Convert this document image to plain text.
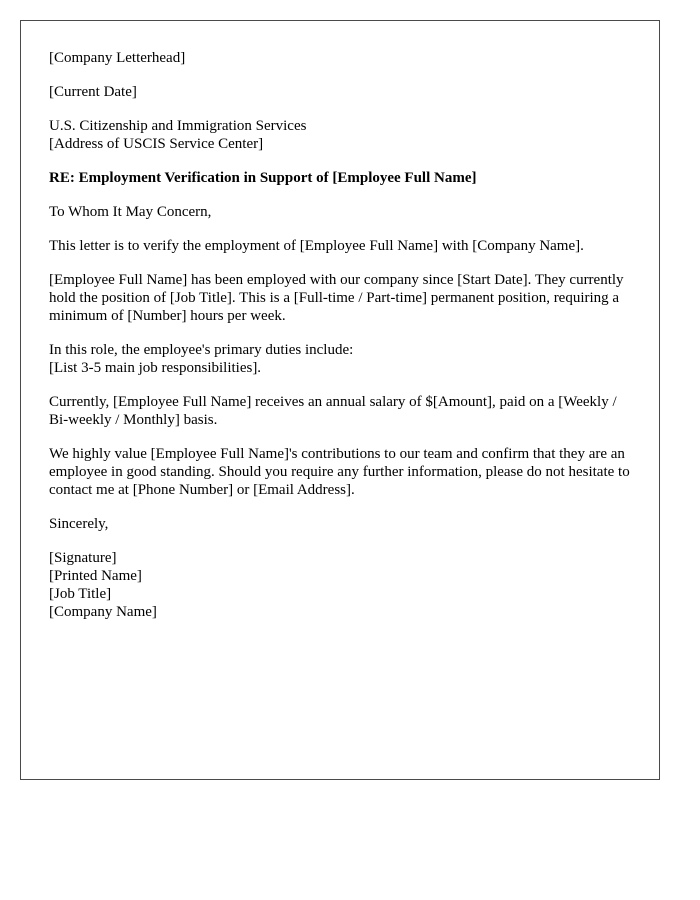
[Company Letterhead]

[Current Date]

U.S. Citizenship and Immigration Services
[Address of USCIS Service Center]

RE: Employment Verification in Support of [Employee Full Name]

To Whom It May Concern,

This letter is to verify the employment of [Employee Full Name] with [Company Name].

[Employee Full Name] has been employed with our company since [Start Date]. They currently hold the position of [Job Title]. This is a [Full-time / Part-time] permanent position, requiring a minimum of [Number] hours per week.

In this role, the employee's primary duties include:
[List 3-5 main job responsibilities].

Currently, [Employee Full Name] receives an annual salary of $[Amount], paid on a [Weekly / Bi-weekly / Monthly] basis.

We highly value [Employee Full Name]'s contributions to our team and confirm that they are an employee in good standing. Should you require any further information, please do not hesitate to contact me at [Phone Number] or [Email Address].

Sincerely,

[Signature]
[Printed Name]
[Job Title]
[Company Name]
